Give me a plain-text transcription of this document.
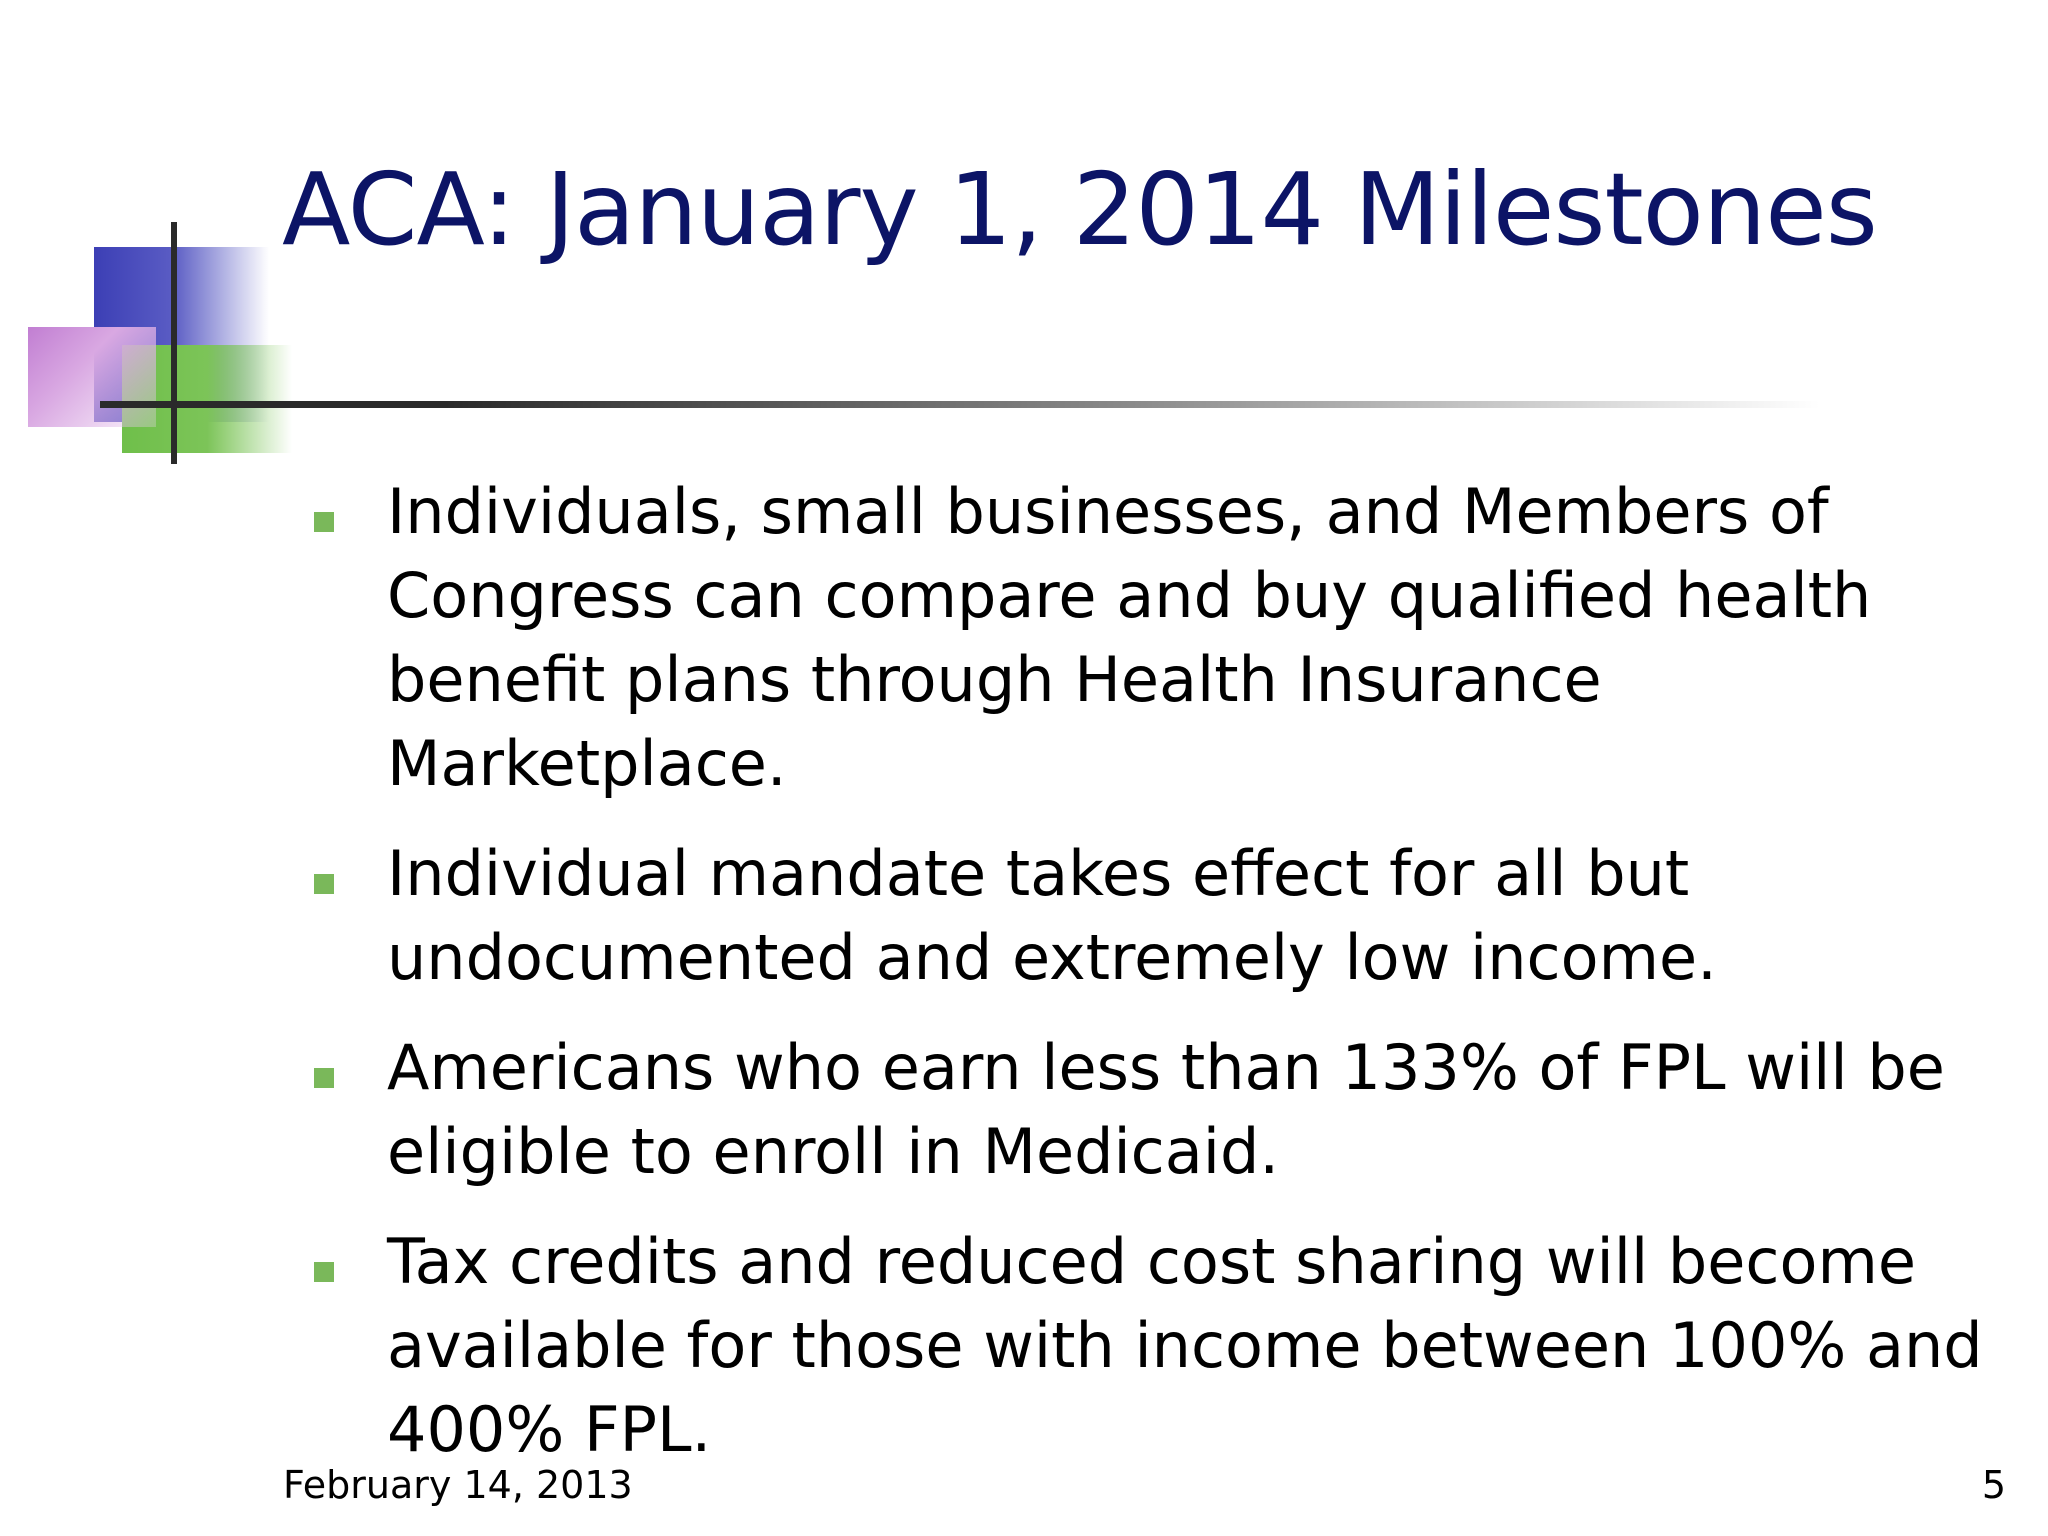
ACA: January 1, 2014 Milestones
Individuals, small businesses, and Members of Congress can compare and buy qualified health benefit plans through Health Insurance Marketplace.
Individual mandate takes effect for all but undocumented and extremely low income.
Americans who earn less than 133% of FPL will be eligible to enroll in Medicaid.
Tax credits and reduced cost sharing will become available for those with income between 100% and 400% FPL.
February 14, 2013	5
